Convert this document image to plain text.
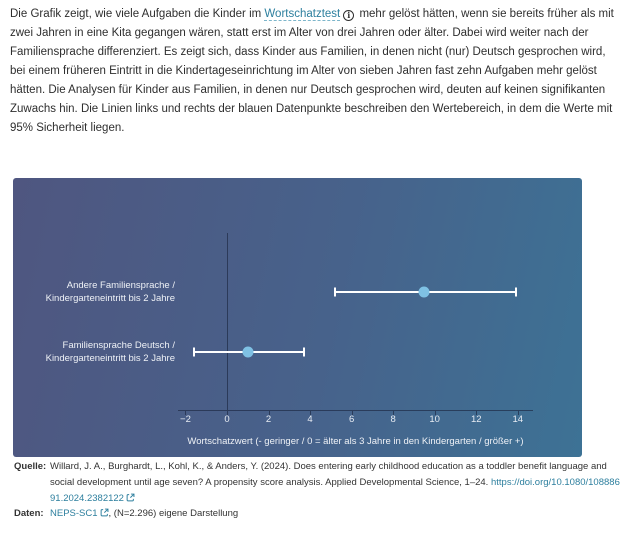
Die Grafik zeigt, wie viele Aufgaben die Kinder im Wortschatztest i mehr gelöst hätten, wenn sie bereits früher als mit zwei Jahren in eine Kita gegangen wären, statt erst im Alter von drei Jahren oder älter. Dabei wird weiter nach der Familiensprache differenziert. Es zeigt sich, dass Kinder aus Familien, in denen nicht (nur) Deutsch gesprochen wird, bei einem früheren Eintritt in die Kindertageseinrichtung im Alter von sieben Jahren fast zehn Aufgaben mehr gelöst hätten. Die Analysen für Kinder aus Familien, in denen nur Deutsch gesprochen wird, deuten auf keinen signifikanten Zuwachs hin. Die Linien links und rechts der blauen Datenpunkte beschreiben den Wertebereich, in dem die Werte mit 95% Sicherheit liegen.

−2	0	2	4	6	8	10	12	14
Andere Familiensprache /
Kindergarteneintritt bis 2 Jahre
Familiensprache Deutsch /
Kindergarteneintritt bis 2 Jahre
Wortschatzwert (- geringer / 0 = älter als 3 Jahre in den Kindergarten / größer +)
Quelle: Willard, J. A., Burghardt, L., Kohl, K., & Anders, Y. (2024). Does entering early childhood education as a toddler benefit language and social development until age seven? A propensity score analysis. Applied Developmental Science, 1–24. https://doi.org/10.1080/10888691.2024.2382122
Daten: NEPS-SC1 , (N=2.296) eigene Darstellung
